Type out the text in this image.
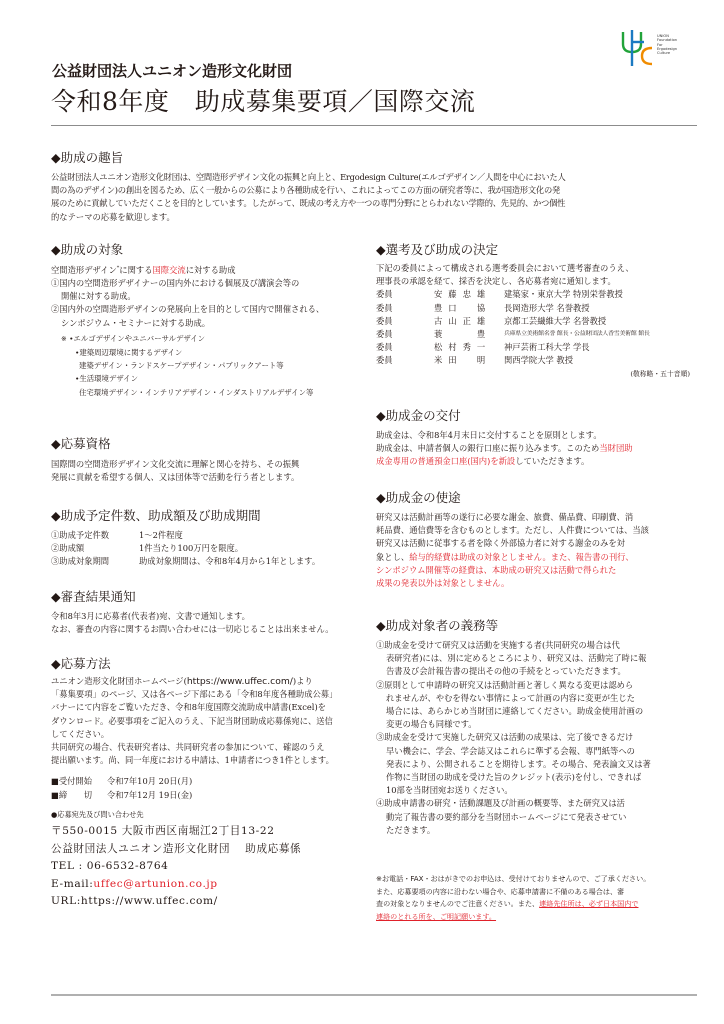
公益財団法人ユニオン造形文化財団
令和8年度　助成募集要項／国際交流
UNION
Foundation
For
Ergodesign
Culture
◆助成の趣旨

公益財団法人ユニオン造形文化財団は、空間造形デザイン文化の振興と向上と、Ergodesign Culture(エルゴデザイン／人間を中心においた人

間の為のデザイン)の創出を図るため、広く一般からの公募により各種助成を行い、これによってこの方面の研究者等に、我が国造形文化の発

展のために貢献していただくことを目的としています。したがって、既成の考え方や一つの専門分野にとらわれない学際的、先見的、かつ個性

的なテーマの応募を歓迎します。

◆助成の対象

空間造形デザイン*に関する国際交流に対する助成

①国内の空間造形デザイナーの国内外における個展及び講演会等の

開催に対する助成。

②国内外の空間造形デザインの発展向上を目的として国内で開催される、

シンポジウム・セミナーに対する助成。

※ •エルゴデザインやユニバーサルデザイン

•建築周辺環境に関するデザイン

建築デザイン・ランドスケープデザイン・パブリックアート等

•生活環境デザイン

住宅環境デザイン・インテリアデザイン・インダストリアルデザイン等

◆応募資格

国際間の空間造形デザイン文化交流に理解と関心を持ち、その振興

発展に貢献を希望する個人、又は団体等で活動を行う者とします。

◆助成予定件数、助成額及び助成期間
①助成予定件数	1～2件程度
②助成額	1件当たり100万円を限度。
③助成対象期間	助成対象期間は、令和8年4月から1年とします。
◆審査結果通知

令和8年3月に応募者(代表者)宛、文書で通知します。

なお、審査の内容に関するお問い合わせには一切応じることは出来ません。

◆応募方法

ユニオン造形文化財団ホームページ(https://www.uffec.com/)より

「募集要項」のページ、又は各ページ下部にある「令和8年度各種助成公募」

バナーにて内容をご覧いただき、令和8年度国際交流助成申請書(Excel)を

ダウンロード。必要事項をご記入のうえ、下記当財団助成応募係宛に、送信

してください。

共同研究の場合、代表研究者は、共同研究者の参加について、確認のうえ

提出願います。尚、同一年度における申請は、1申請者につき1件とします。

■受付開始	令和7年10月 20日(月)
■締　　切	令和7年12月 19日(金)

●応募宛先及び問い合わせ先

〒550-0015 大阪市西区南堀江2丁目13-22
公益財団法人ユニオン造形文化財団　 助成応募係
TEL : 06-6532-8764
E-mail:uffec@artunion.co.jp
URL:https://www.uffec.com/
◆選考及び助成の決定

下記の委員によって構成される選考委員会において選考審査のうえ、

理事長の承認を経て、採否を決定し、各応募者宛に通知します。

委員	安藤忠雄	建築家・東京大学 特別栄誉教授
委員	豊口　協	長岡造形大学 名誉教授
委員	古山正雄	京都工芸繊維大学 名誉教授
委員	蓑　　豊	兵庫県立美術館名誉 館長・公益財団法人香雪美術館 館長
委員	松村秀一	神戸芸術工科大学 学長
委員	米田　明	関西学院大学 教授

(敬称略・五十音順)

◆助成金の交付

助成金は、令和8年4月末日に交付することを原則とします。

助成金は、申請者個人の銀行口座に振り込みます。このため当財団助

成金専用の普通預金口座(国内)を新設していただきます。

◆助成金の使途

研究又は活動計画等の遂行に必要な謝金、旅費、備品費、印刷費、消

耗品費、通信費等を含むものとします。ただし、人件費については、当該

研究又は活動に従事する者を除く外部協力者に対する謝金のみを対

象とし、給与的経費は助成の対象としません。また、報告書の刊行、

シンポジウム開催等の経費は、本助成の研究又は活動で得られた

成果の発表以外は対象としません。

◆助成対象者の義務等

①助成金を受けて研究又は活動を実施する者(共同研究の場合は代

表研究者)には、別に定めるところにより、研究又は、活動完了時に報

告書及び会計報告書の提出その他の手続をとっていただきます。

②原則として申請時の研究又は活動計画と著しく異なる変更は認めら

れませんが、やむを得ない事情によって計画の内容に変更が生じた

場合には、あらかじめ当財団に連絡してください。助成金使用計画の

変更の場合も同様です。

③助成金を受けて実施した研究又は活動の成果は、完了後できるだけ

早い機会に、学会、学会誌又はこれらに準ずる会報、専門紙等への

発表により、公開されることを期待します。その場合、発表論文又は著

作物に当財団の助成を受けた旨のクレジット(表示)を付し、できれば

10部を当財団宛お送りください。

④助成申請書の研究・活動課題及び計画の概要等、また研究又は活

動完了報告書の要約部分を当財団ホームページにて発表させてい

ただきます。

※お電話・FAX・おはがきでのお申込は、受付けておりませんので、ご了承ください。
また、応募要項の内容に沿わない場合や、応募申請書に不備のある場合は、審
査の対象となりませんのでご注意ください。また、連絡先住所は、必ず日本国内で
連絡のとれる所を、ご明記願います。
